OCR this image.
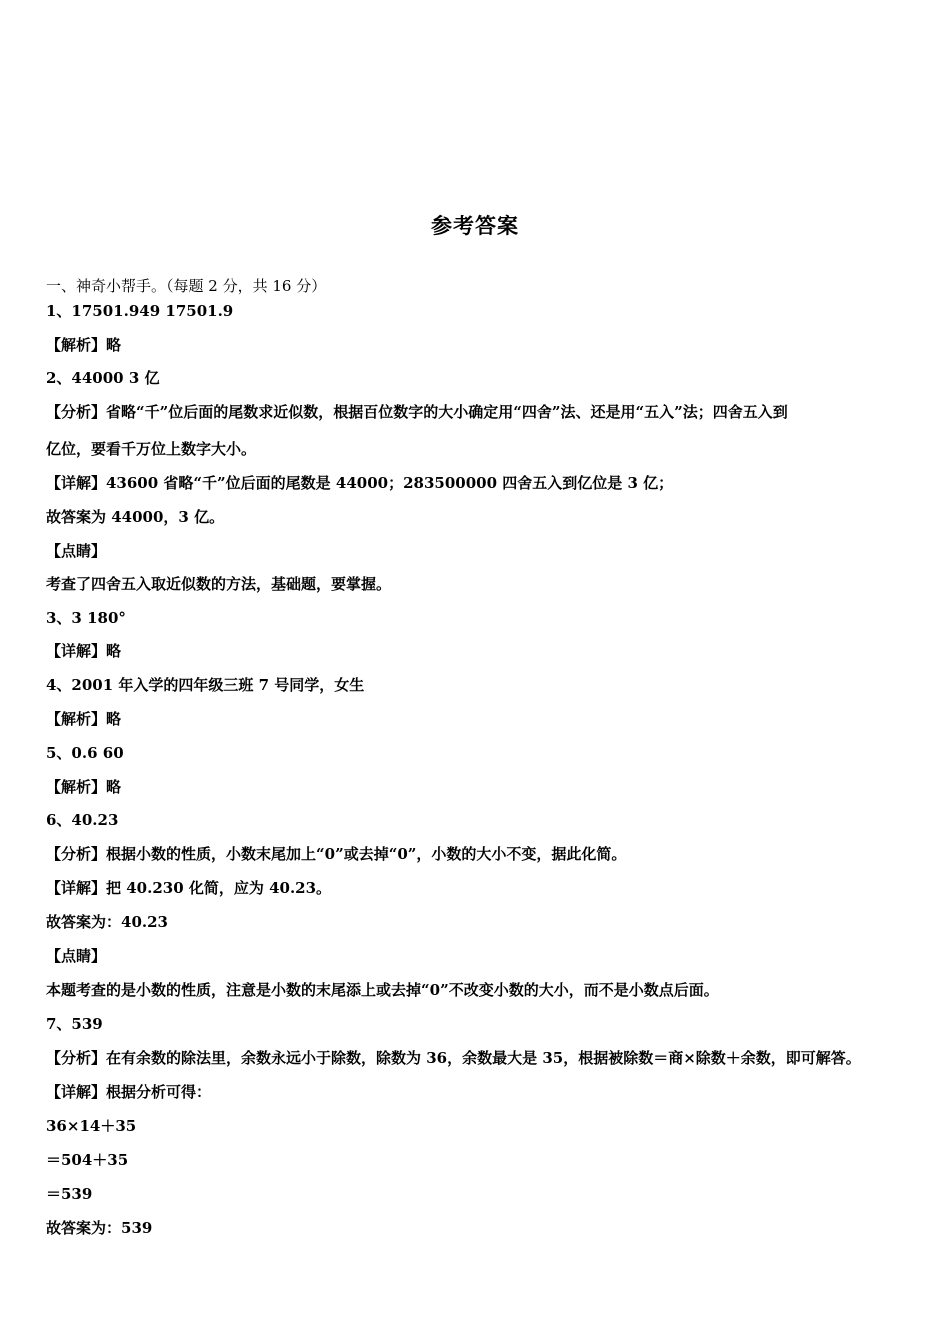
参考答案
一、神奇小帮手。（每题 2 分，共 16 分）
1、17501.949 17501.9
【解析】略
2、44000 3 亿
【分析】省略“千”位后面的尾数求近似数，根据百位数字的大小确定用“四舍”法、还是用“五入”法；四舍五入到
亿位，要看千万位上数字大小。
【详解】43600 省略“千”位后面的尾数是 44000；283500000 四舍五入到亿位是 3 亿；
故答案为 44000，3 亿。
【点睛】
考查了四舍五入取近似数的方法，基础题，要掌握。
3、3 180°
【详解】略
4、2001 年入学的四年级三班 7 号同学，女生
【解析】略
5、0.6 60
【解析】略
6、40.23
【分析】根据小数的性质，小数末尾加上“0”或去掉“0”，小数的大小不变，据此化简。
【详解】把 40.230 化简，应为 40.23。
故答案为：40.23
【点睛】
本题考查的是小数的性质，注意是小数的末尾添上或去掉“0”不改变小数的大小，而不是小数点后面。
7、539
【分析】在有余数的除法里，余数永远小于除数，除数为 36，余数最大是 35，根据被除数＝商×除数＋余数，即可解答。
【详解】根据分析可得：
36×14＋35
＝504＋35
＝539
故答案为：539
